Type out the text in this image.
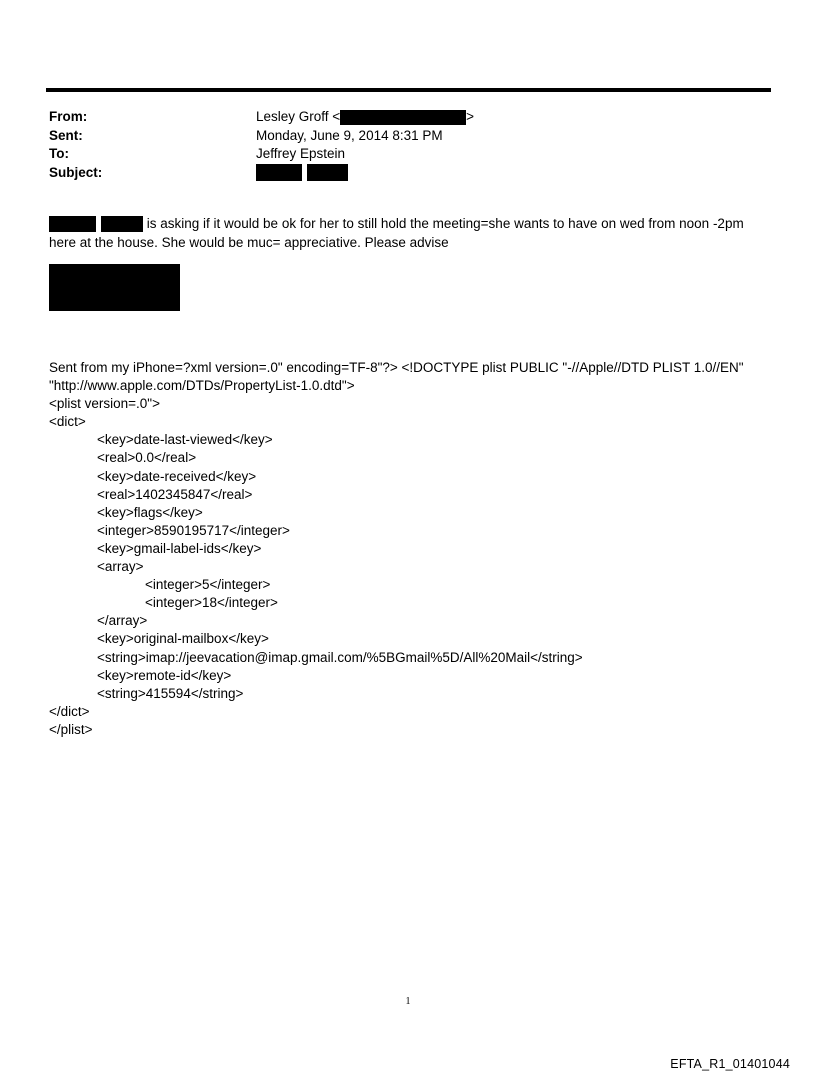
From:	Lesley Groff <	>
Sent:	Monday, June 9, 2014 8:31 PM
To:	Jeffrey Epstein
Subject:
is asking if it would be ok for her to still hold the meeting=she wants to have on wed from noon -2pm
here at the house. She would be muc= appreciative. Please advise
Sent from my iPhone=?xml version=.0" encoding=TF-8"?> <!DOCTYPE plist PUBLIC "-//Apple//DTD PLIST 1.0//EN"
"http://www.apple.com/DTDs/PropertyList-1.0.dtd">
<plist version=.0">
<dict>
<key>date-last-viewed</key>
<real>0.0</real>
<key>date-received</key>
<real>1402345847</real>
<key>flags</key>
<integer>8590195717</integer>
<key>gmail-label-ids</key>
<array>
<integer>5</integer>
<integer>18</integer>
</array>
<key>original-mailbox</key>
<string>imap://jeevacation@imap.gmail.com/%5BGmail%5D/All%20Mail</string>
<key>remote-id</key>
<string>415594</string>
</dict>
</plist>
1
EFTA_R1_01401044
